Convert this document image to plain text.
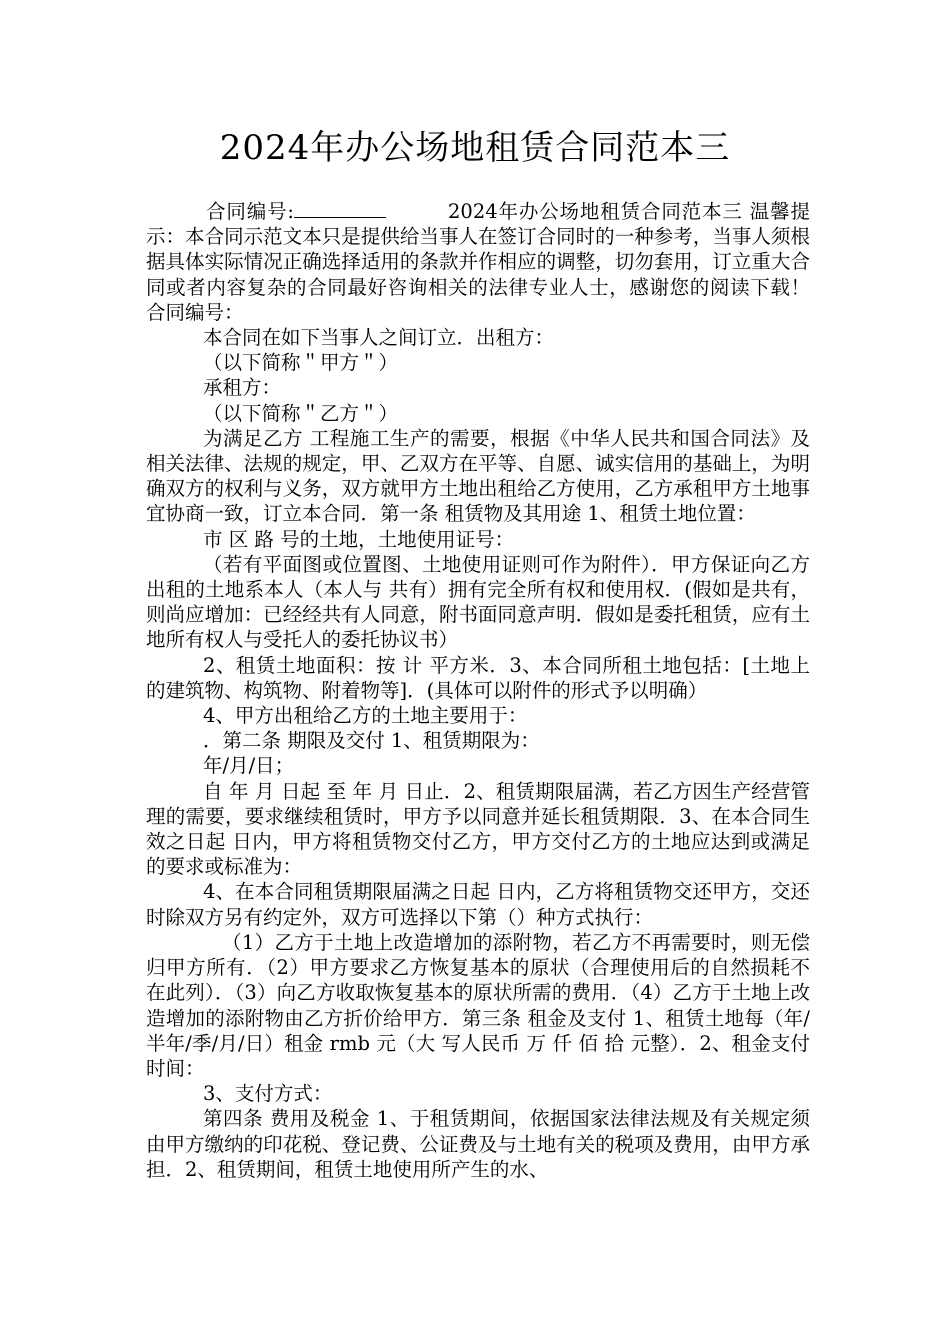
2024年办公场地租赁合同范本三

合同编号:	2024年办公场地租赁合同范本三 温馨提示：本合同示范文本只是提供给当事人在签订合同时的一种参考，当事人须根据具体实际情况正确选择适用的条款并作相应的调整，切勿套用，订立重大合同或者内容复杂的合同最好咨询相关的法律专业人士，感谢您的阅读下载！　　合同编号：

本合同在如下当事人之间订立．出租方：

（以下简称＂甲方＂）

承租方：

（以下简称＂乙方＂）

为满足乙方 工程施工生产的需要，根据《中华人民共和国合同法》及相关法律、法规的规定，甲、乙双方在平等、自愿、诚实信用的基础上，为明确双方的权利与义务，双方就甲方土地出租给乙方使用，乙方承租甲方土地事宜协商一致，订立本合同．第一条 租赁物及其用途 1、租赁土地位置：

市 区 路 号的土地，土地使用证号：

（若有平面图或位置图、土地使用证则可作为附件）．甲方保证向乙方出租的土地系本人（本人与 共有）拥有完全所有权和使用权．(假如是共有，则尚应增加：已经经共有人同意，附书面同意声明．假如是委托租赁，应有土地所有权人与受托人的委托协议书）

2、租赁土地面积：按 计 平方米．3、本合同所租土地包括：[土地上的建筑物、构筑物、附着物等]．(具体可以附件的形式予以明确）

4、甲方出租给乙方的土地主要用于：

．第二条 期限及交付 1、租赁期限为：

年/月/日；

自 年 月 日起 至 年 月 日止．2、租赁期限届满，若乙方因生产经营管理的需要，要求继续租赁时，甲方予以同意并延长租赁期限．3、在本合同生效之日起 日内，甲方将租赁物交付乙方，甲方交付乙方的土地应达到或满足的要求或标准为：

4、在本合同租赁期限届满之日起 日内，乙方将租赁物交还甲方，交还时除双方另有约定外，双方可选择以下第（）种方式执行：

（1）乙方于土地上改造增加的添附物，若乙方不再需要时，则无偿归甲方所有．（2）甲方要求乙方恢复基本的原状（合理使用后的自然损耗不在此列）．（3）向乙方收取恢复基本的原状所需的费用．（4）乙方于土地上改造增加的添附物由乙方折价给甲方．第三条 租金及支付 1、租赁土地每（年/半年/季/月/日）租金 rmb 元（大 写人民币 万 仟 佰 拾 元整）．2、租金支付时间：

3、支付方式：

第四条 费用及税金 1、于租赁期间，依据国家法律法规及有关规定须由甲方缴纳的印花税、登记费、公证费及与土地有关的税项及费用，由甲方承担．2、租赁期间，租赁土地使用所产生的水、
